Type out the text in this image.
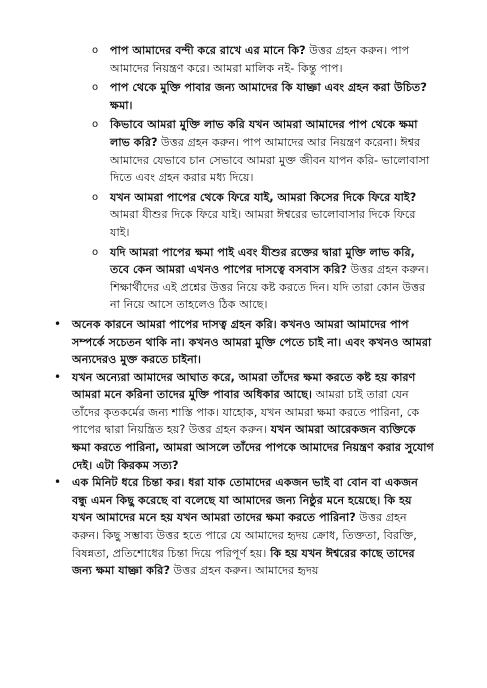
o পাপ আমাদের বন্দী করে রাখে এর মানে কি? উত্তর গ্রহন করুন। পাপ আমাদের নিয়ন্ত্রণ করে। আমরা মালিক নই- কিন্তু পাপ।
o পাপ থেকে মুক্তি পাবার জন্য আমাদের কি যাচ্ঞা এবং গ্রহন করা উচিত? ক্ষমা।
o কিভাবে আমরা মুক্তি লাভ করি যখন আমরা আমাদের পাপ থেকে ক্ষমা লাভ করি? উত্তর গ্রহন করুন। পাপ আমাদের আর নিয়ন্ত্রণ করেনা। ঈশ্বর আমাদের যেভাবে চান সেভাবে আমরা মুক্ত জীবন যাপন করি- ভালোবাসা দিতে এবং গ্রহন করার মধ্য দিয়ে।
o যখন আমরা পাপের থেকে ফিরে যাই, আমরা কিসের দিকে ফিরে যাই? আমরা যীশুর দিকে ফিরে যাই। আমরা ঈশ্বরের ভালোবাসার দিকে ফিরে যাই।
o যদি আমরা পাপের ক্ষমা পাই এবং যীশুর রক্তের দ্বারা মুক্তি লাভ করি, তবে কেন আমরা এখনও পাপের দাসত্বে বসবাস করি? উত্তর গ্রহন করুন। শিক্ষার্থীদের এই প্রশ্নের উত্তর নিয়ে কষ্ট করতে দিন। যদি তারা কোন উত্তর না নিয়ে আসে তাহলেও ঠিক আছে।
• অনেক কারনে আমরা পাপের দাসত্ব গ্রহন করি। কখনও আমরা আমাদের পাপ সম্পর্কে সচেতন থাকি না। কখনও আমরা মুক্তি পেতে চাই না। এবং কখনও আমরা অন্যদেরও মুক্ত করতে চাইনা।
• যখন অন্যেরা আমাদের আঘাত করে, আমরা তাঁদের ক্ষমা করতে কষ্ট হয় কারণ আমরা মনে করিনা তাদের মুক্তি পাবার অধিকার আছে। আমরা চাই তারা যেন তাঁদের কৃতকর্মের জন্য শাস্তি পাক। যাহোক, যখন আমরা ক্ষমা করতে পারিনা, কে পাপের দ্বারা নিয়ন্ত্রিত হয়? উত্তর গ্রহন করুন। যখন আমরা আরেকজন ব্যক্তিকে ক্ষমা করতে পারিনা, আমরা আসলে তাঁদের পাপকে আমাদের নিয়ন্ত্রণ করার সুযোগ দেই। এটা কিরকম সত্য?
• এক মিনিট ধরে চিন্তা কর। ধরা যাক তোমাদের একজন ভাই বা বোন বা একজন বন্ধু এমন কিছু করেছে বা বলেছে যা আমাদের জন্য নিষ্ঠুর মনে হয়েছে। কি হয় যখন আমাদের মনে হয় যখন আমরা তাদের ক্ষমা করতে পারিনা? উত্তর গ্রহন করুন। কিছু সম্ভাব্য উত্তর হতে পারে যে আমাদের হৃদয় ক্রোধ, তিক্ততা, বিরক্তি, বিষন্নতা, প্রতিশোধের চিন্তা দিয়ে পরিপূর্ণ হয়। কি হয় যখন ঈশ্বরের কাছে তাদের জন্য ক্ষমা যাচ্ঞা করি? উত্তর গ্রহন করুন। আমাদের হৃদয়
